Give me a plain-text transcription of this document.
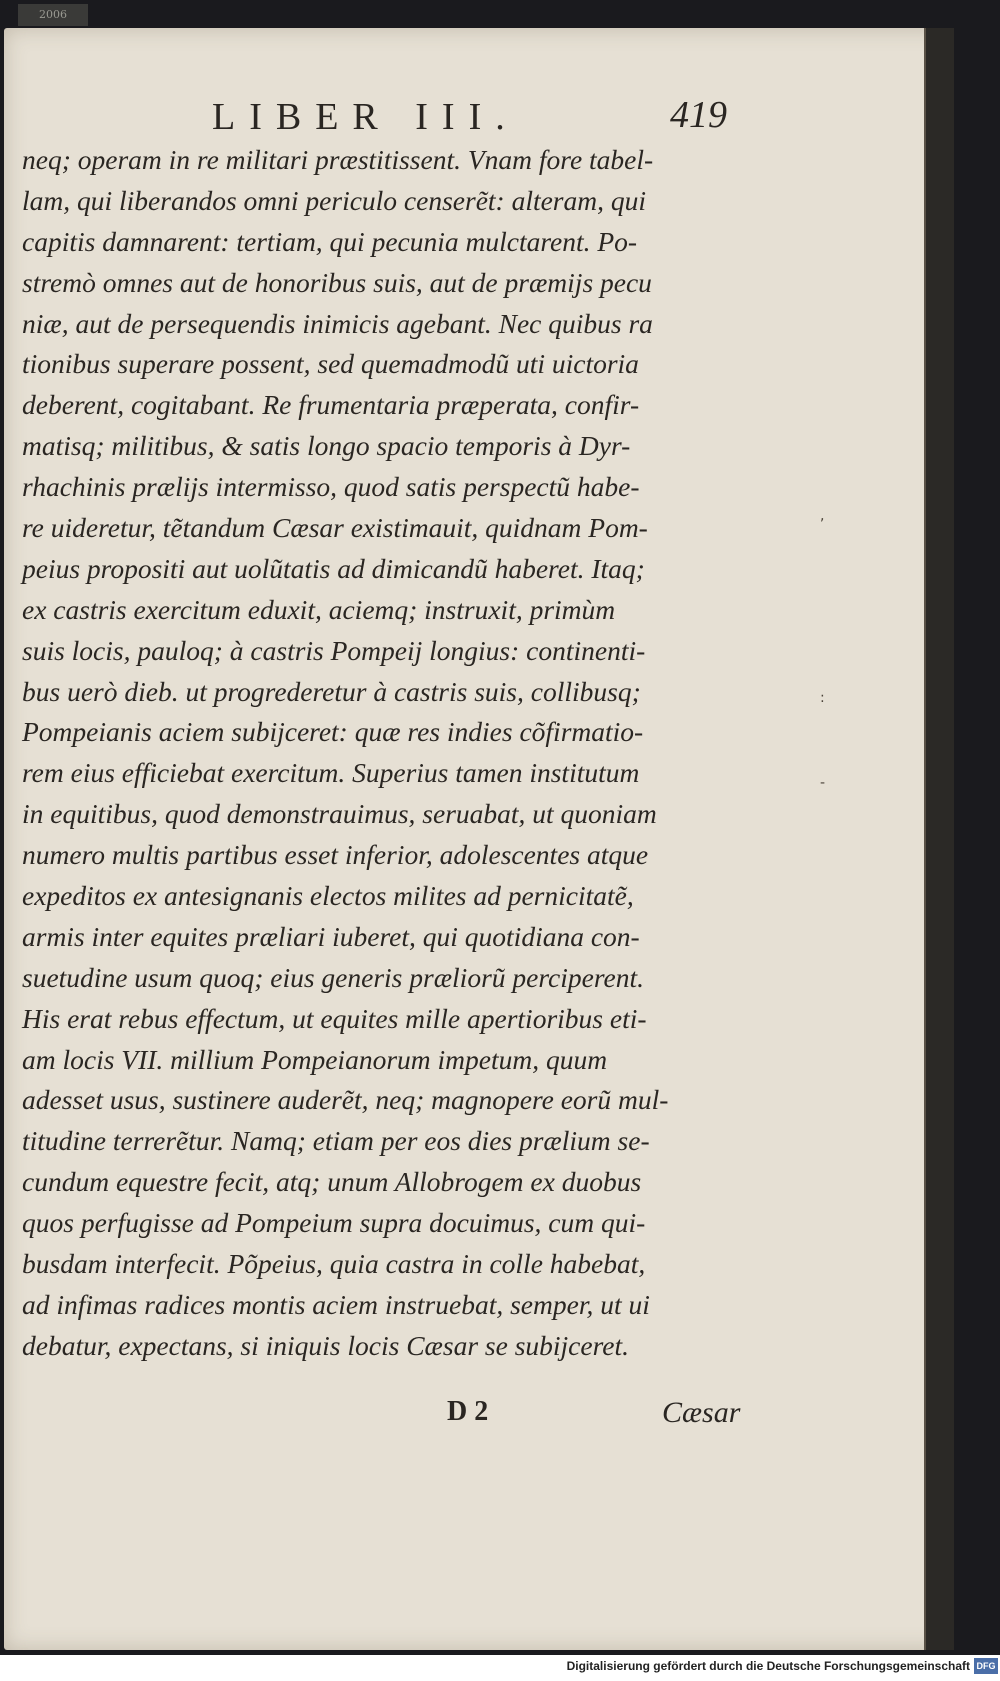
2006
LIBER III.	419
neq; operam in re militari præstitissent. Vnam fore tabel-
lam, qui liberandos omni periculo censerẽt: alteram, qui
capitis damnarent: tertiam, qui pecunia mulctarent. Po-
stremò omnes aut de honoribus suis, aut de præmijs pecu
niæ, aut de persequendis inimicis agebant. Nec quibus ra
tionibus superare possent, sed quemadmodũ uti uictoria
deberent, cogitabant. Re frumentaria præperata, confir-
matisq; militibus, & satis longo spacio temporis à Dyr-
rhachinis prælijs intermisso, quod satis perspectũ habe-
re uideretur, tẽtandum Cæsar existimauit, quidnam Pom-
peius propositi aut uolũtatis ad dimicandũ haberet. Itaq;
ex castris exercitum eduxit, aciemq; instruxit, primùm
suis locis, pauloq; à castris Pompeij longius: continenti-
bus uerò dieb. ut progrederetur à castris suis, collibusq;
Pompeianis aciem subijceret: quæ res indies cõfirmatio-
rem eius efficiebat exercitum. Superius tamen institutum
in equitibus, quod demonstrauimus, seruabat, ut quoniam
numero multis partibus esset inferior, adolescentes atque
expeditos ex antesignanis electos milites ad pernicitatẽ,
armis inter equites præliari iuberet, qui quotidiana con-
suetudine usum quoq; eius generis præliorũ perciperent.
His erat rebus effectum, ut equites mille apertioribus eti-
am locis VII. millium Pompeianorum impetum, quum
adesset usus, sustinere auderẽt, neq; magnopere eorũ mul-
titudine terrerẽtur. Namq; etiam per eos dies prælium se-
cundum equestre fecit, atq; unum Allobrogem ex duobus
quos perfugisse ad Pompeium supra docuimus, cum qui-
busdam interfecit. Põpeius, quia castra in colle habebat,
ad infimas radices montis aciem instruebat, semper, ut ui
debatur, expectans, si iniquis locis Cæsar se subijceret.
,
:
-
D 2	Cæsar
Digitalisierung gefördert durch die Deutsche Forschungsgemeinschaft DFG
